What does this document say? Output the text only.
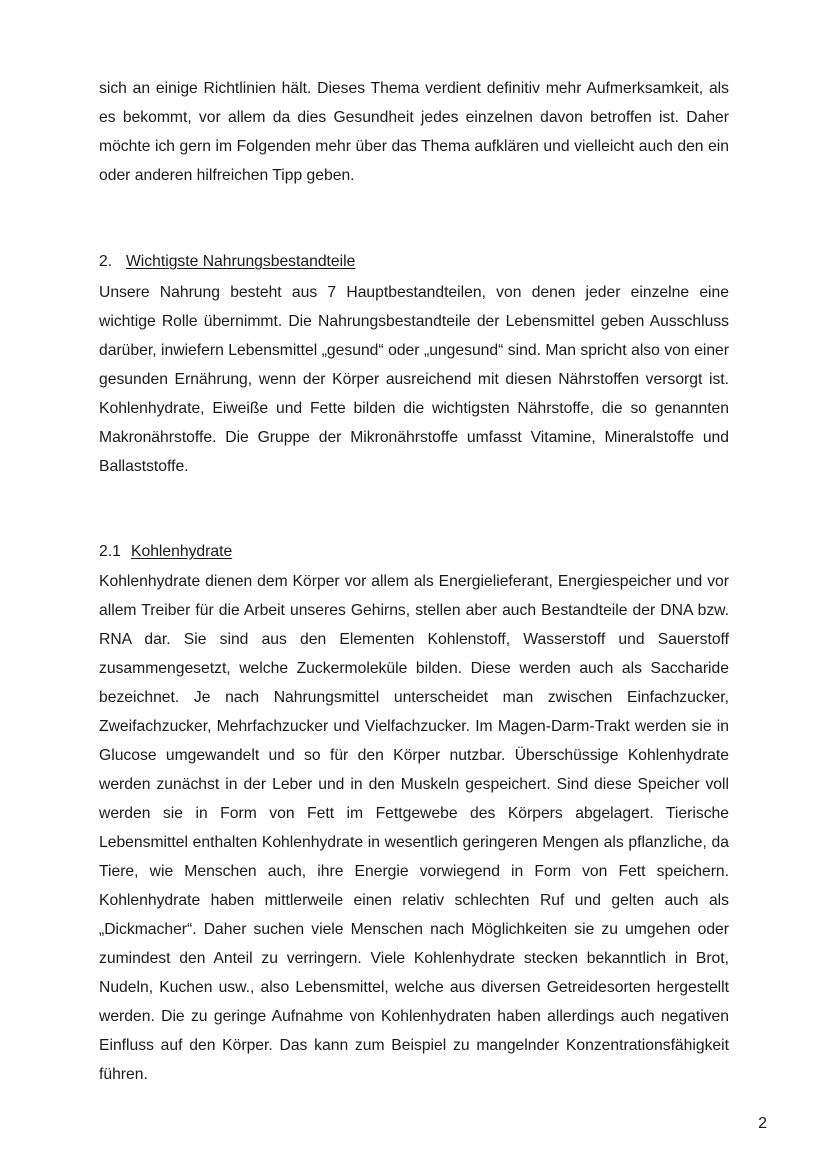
sich an einige Richtlinien hält. Dieses Thema verdient definitiv mehr Aufmerksamkeit, als es bekommt, vor allem da dies Gesundheit jedes einzelnen davon betroffen ist. Daher möchte ich gern im Folgenden mehr über das Thema aufklären und vielleicht auch den ein oder anderen hilfreichen Tipp geben.

2. Wichtigste Nahrungsbestandteile

Unsere Nahrung besteht aus 7 Hauptbestandteilen, von denen jeder einzelne eine wichtige Rolle übernimmt. Die Nahrungsbestandteile der Lebensmittel geben Ausschluss darüber, inwiefern Lebensmittel „gesund“ oder „ungesund“ sind. Man spricht also von einer gesunden Ernährung, wenn der Körper ausreichend mit diesen Nährstoffen versorgt ist. Kohlenhydrate, Eiweiße und Fette bilden die wichtigsten Nährstoffe, die so genannten Makronährstoffe. Die Gruppe der Mikronährstoffe umfasst Vitamine, Mineralstoffe und Ballaststoffe.

2.1 Kohlenhydrate

Kohlenhydrate dienen dem Körper vor allem als Energielieferant, Energiespeicher und vor allem Treiber für die Arbeit unseres Gehirns, stellen aber auch Bestandteile der DNA bzw. RNA dar. Sie sind aus den Elementen Kohlenstoff, Wasserstoff und Sauerstoff zusammengesetzt, welche Zuckermoleküle bilden. Diese werden auch als Saccharide bezeichnet. Je nach Nahrungsmittel unterscheidet man zwischen Einfachzucker, Zweifachzucker, Mehrfachzucker und Vielfachzucker. Im Magen-Darm-Trakt werden sie in Glucose umgewandelt und so für den Körper nutzbar. Überschüssige Kohlenhydrate werden zunächst in der Leber und in den Muskeln gespeichert. Sind diese Speicher voll werden sie in Form von Fett im Fettgewebe des Körpers abgelagert. Tierische Lebensmittel enthalten Kohlenhydrate in wesentlich geringeren Mengen als pflanzliche, da Tiere, wie Menschen auch, ihre Energie vorwiegend in Form von Fett speichern. Kohlenhydrate haben mittlerweile einen relativ schlechten Ruf und gelten auch als „Dickmacher“. Daher suchen viele Menschen nach Möglichkeiten sie zu umgehen oder zumindest den Anteil zu verringern. Viele Kohlenhydrate stecken bekanntlich in Brot, Nudeln, Kuchen usw., also Lebensmittel, welche aus diversen Getreidesorten hergestellt werden. Die zu geringe Aufnahme von Kohlenhydraten haben allerdings auch negativen Einfluss auf den Körper. Das kann zum Beispiel zu mangelnder Konzentrationsfähigkeit führen.

2
